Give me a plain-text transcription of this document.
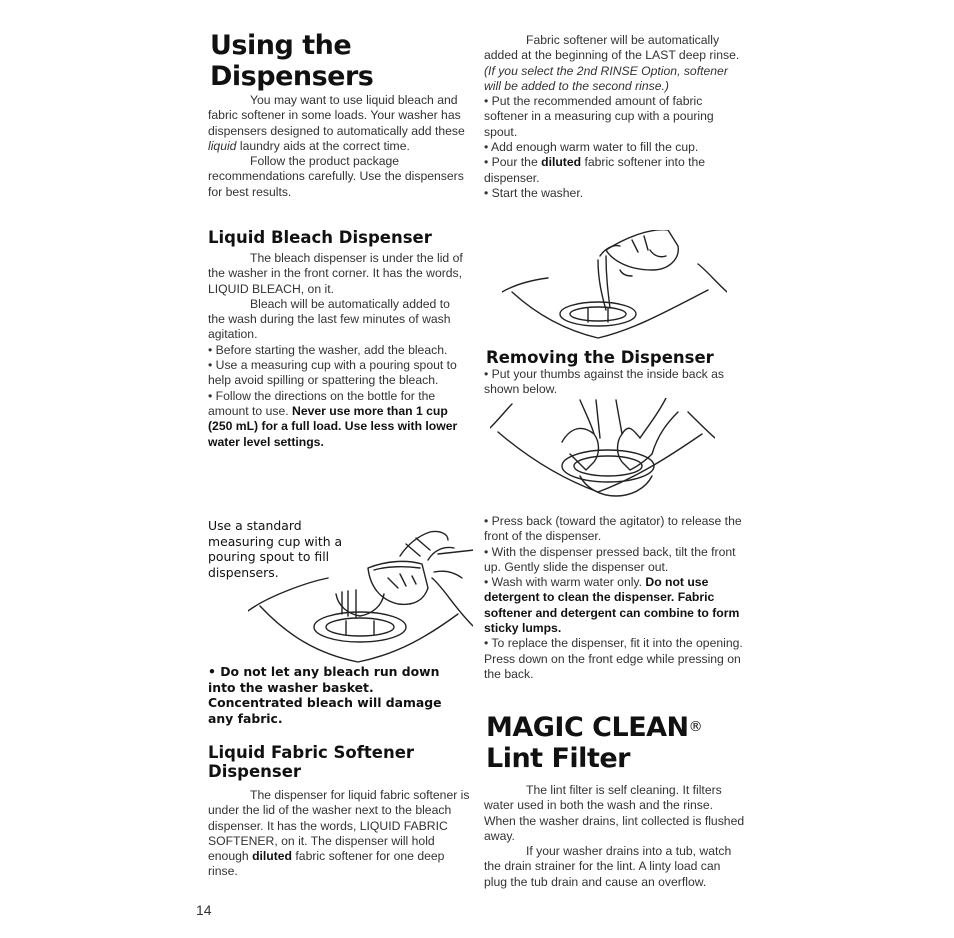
Using the
Dispensers

You may want to use liquid bleach and fabric softener in some loads. Your washer has dispensers designed to automatically add these liquid laundry aids at the correct time.

Follow the product package recommendations carefully. Use the dispensers for best results.

Liquid Bleach Dispenser

The bleach dispenser is under the lid of the washer in the front corner. It has the words, LIQUID BLEACH, on it.

Bleach will be automatically added to the wash during the last few minutes of wash agitation.

• Before starting the washer, add the bleach.

• Use a measuring cup with a pouring spout to help avoid spilling or spattering the bleach.

• Follow the directions on the bottle for the amount to use. Never use more than 1 cup (250 mL) for a full load. Use less with lower water level settings.

Use a standard measuring cup with a pouring spout to fill dispensers.
• Do not let any bleach run down into the washer basket. Concentrated bleach will damage any fabric.
Liquid Fabric Softener Dispenser

The dispenser for liquid fabric softener is under the lid of the washer next to the bleach dispenser. It has the words, LIQUID FABRIC SOFTENER, on it. The dispenser will hold enough diluted fabric softener for one deep rinse.

14

Fabric softener will be automatically added at the beginning of the LAST deep rinse. (If you select the 2nd RINSE Option, softener will be added to the second rinse.)

• Put the recommended amount of fabric softener in a measuring cup with a pouring spout.

• Add enough warm water to fill the cup.

• Pour the diluted fabric softener into the dispenser.

• Start the washer.

Removing the Dispenser

• Put your thumbs against the inside back as shown below.

• Press back (toward the agitator) to release the front of the dispenser.

• With the dispenser pressed back, tilt the front up. Gently slide the dispenser out.

• Wash with warm water only. Do not use detergent to clean the dispenser. Fabric softener and detergent can combine to form sticky lumps.

• To replace the dispenser, fit it into the opening. Press down on the front edge while pressing on the back.

MAGIC CLEAN®
Lint Filter

The lint filter is self cleaning. It filters water used in both the wash and the rinse. When the washer drains, lint collected is flushed away.

If your washer drains into a tub, watch the drain strainer for the lint. A linty load can plug the tub drain and cause an overflow.
